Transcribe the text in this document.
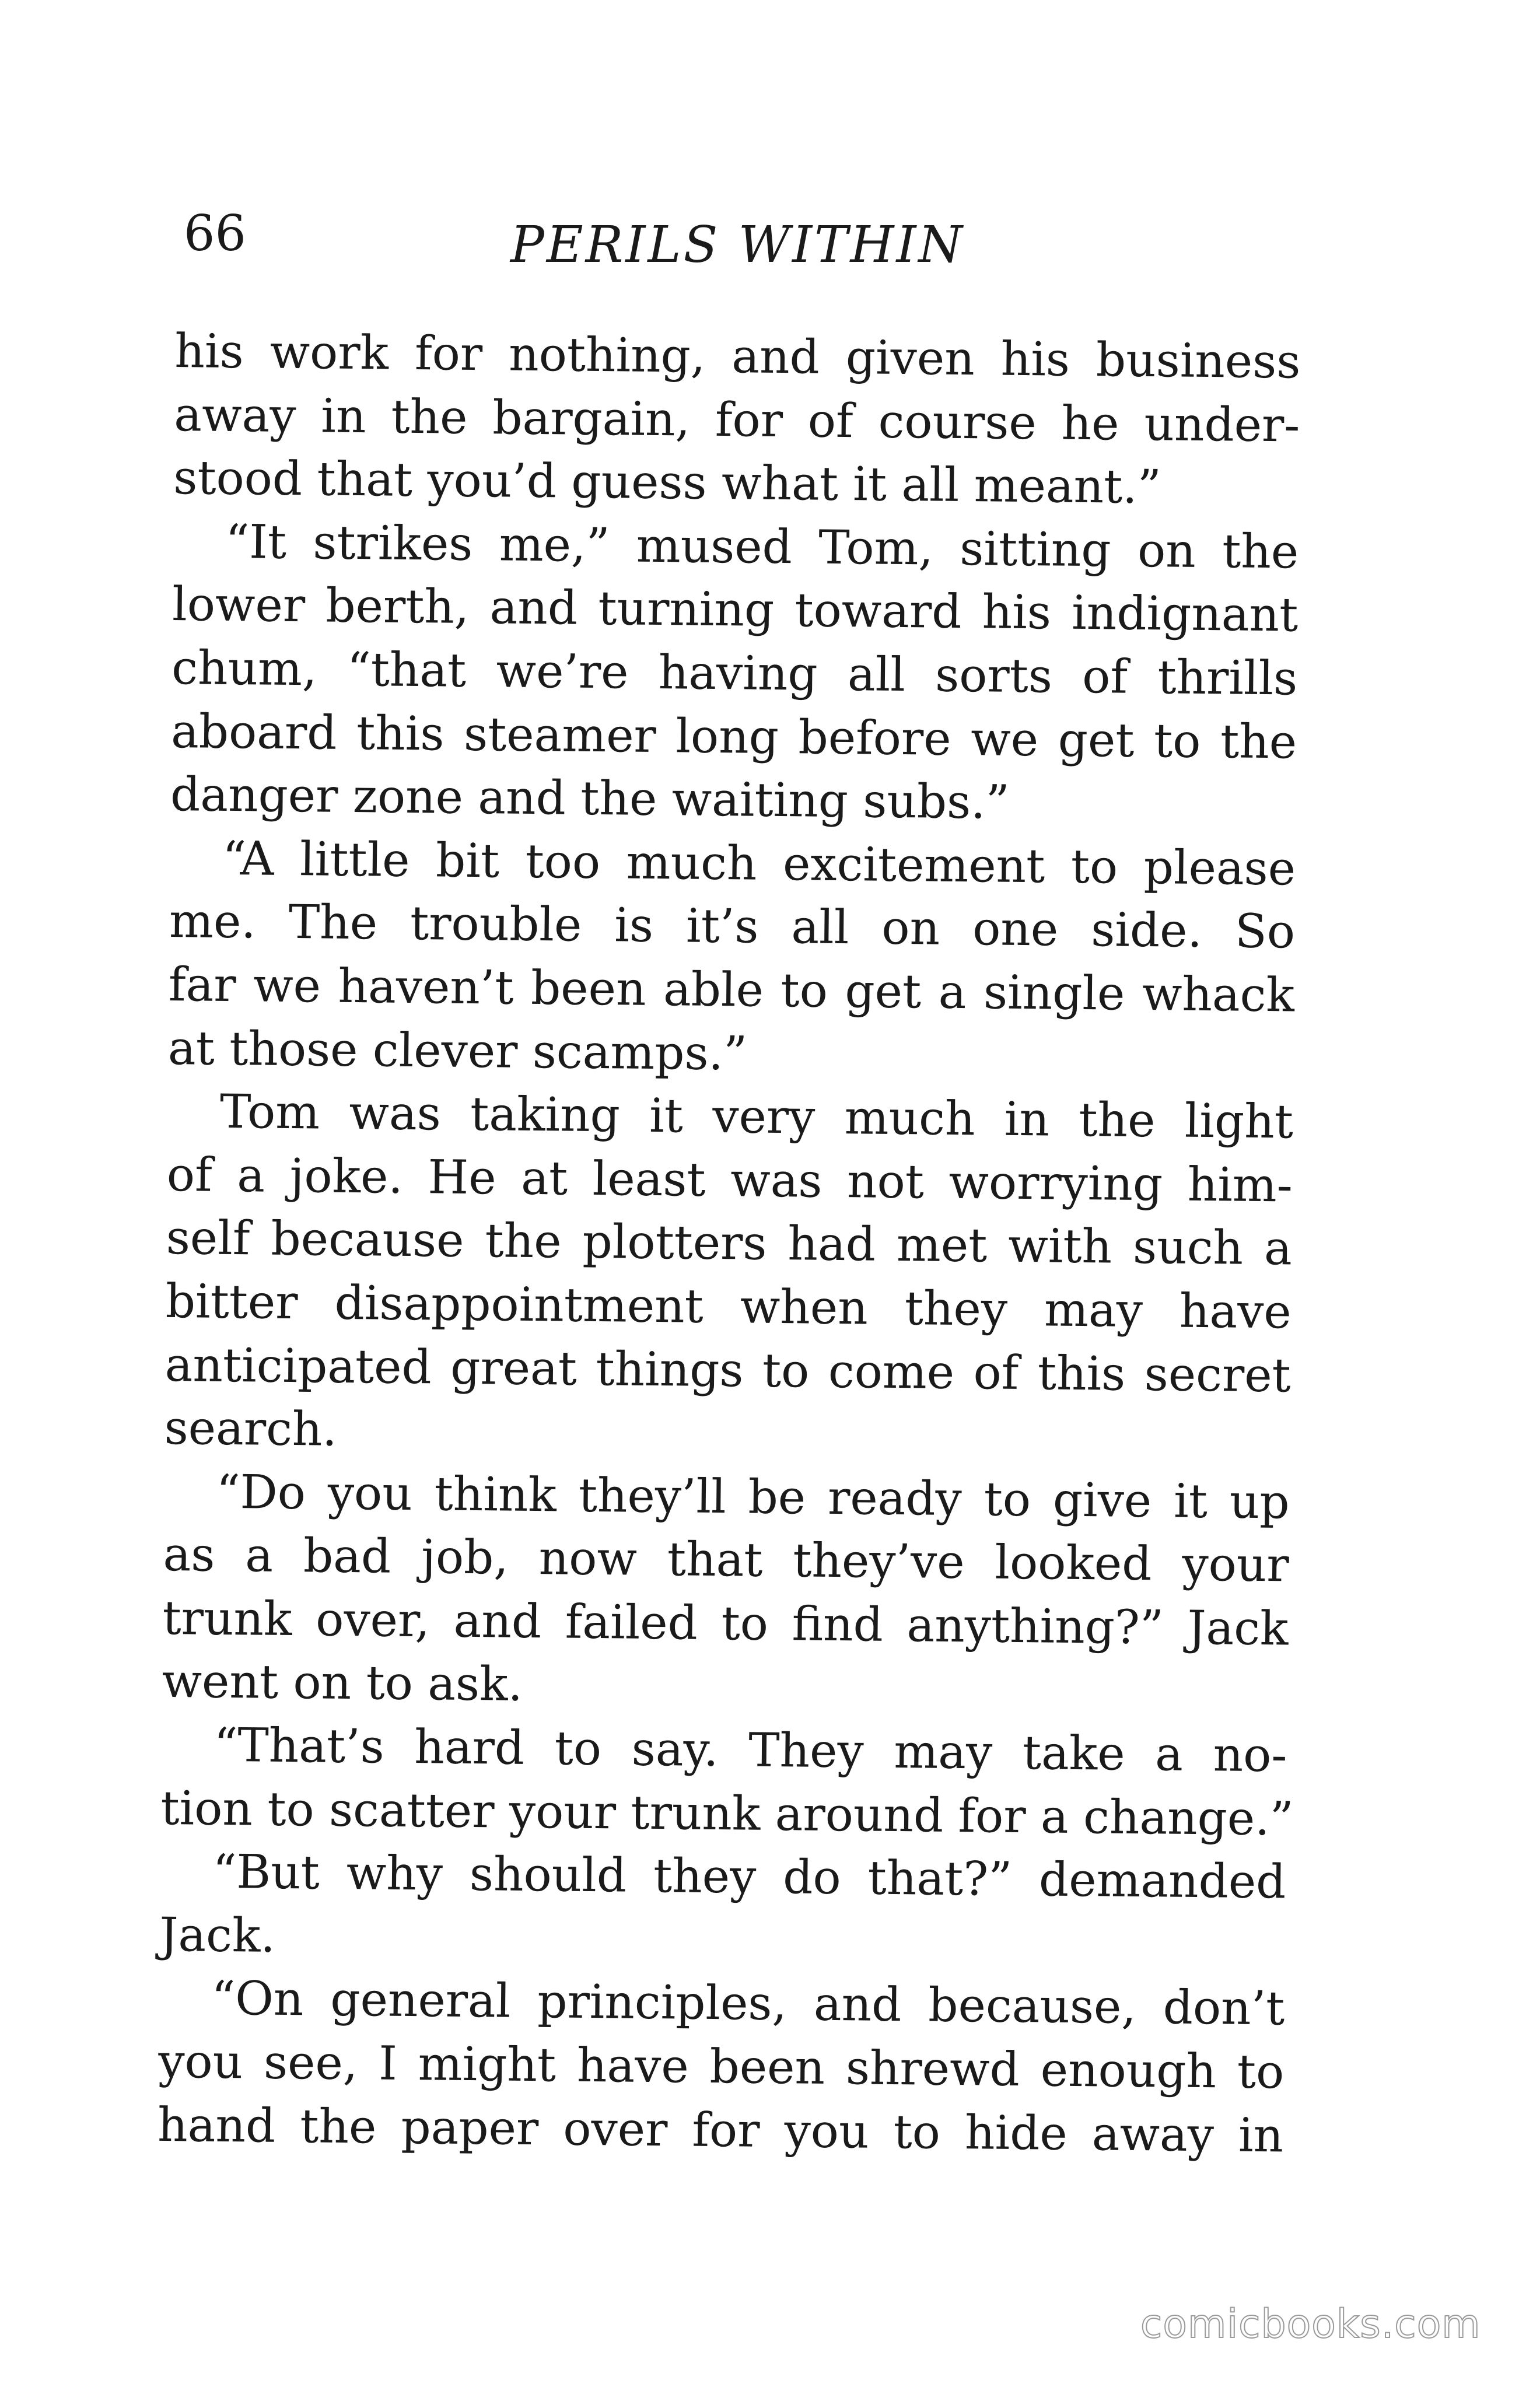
66	PERILS WITHIN
his work for nothing, and given his business
away in the bargain, for of course he under-
stood that you’d guess what it all meant.”
“It strikes me,” mused Tom, sitting on the
lower berth, and turning toward his indignant
chum, “that we’re having all sorts of thrills
aboard this steamer long before we get to the
danger zone and the waiting subs.”
“A little bit too much excitement to please
me. The trouble is it’s all on one side. So
far we haven’t been able to get a single whack
at those clever scamps.”
Tom was taking it very much in the light
of a joke. He at least was not worrying him-
self because the plotters had met with such a
bitter disappointment when they may have
anticipated great things to come of this secret
search.
“Do you think they’ll be ready to give it up
as a bad job, now that they’ve looked your
trunk over, and failed to find anything?” Jack
went on to ask.
“That’s hard to say. They may take a no-
tion to scatter your trunk around for a change.”
“But why should they do that?” demanded
Jack.
“On general principles, and because, don’t
you see, I might have been shrewd enough to
hand the paper over for you to hide away in
comicbooks.com
